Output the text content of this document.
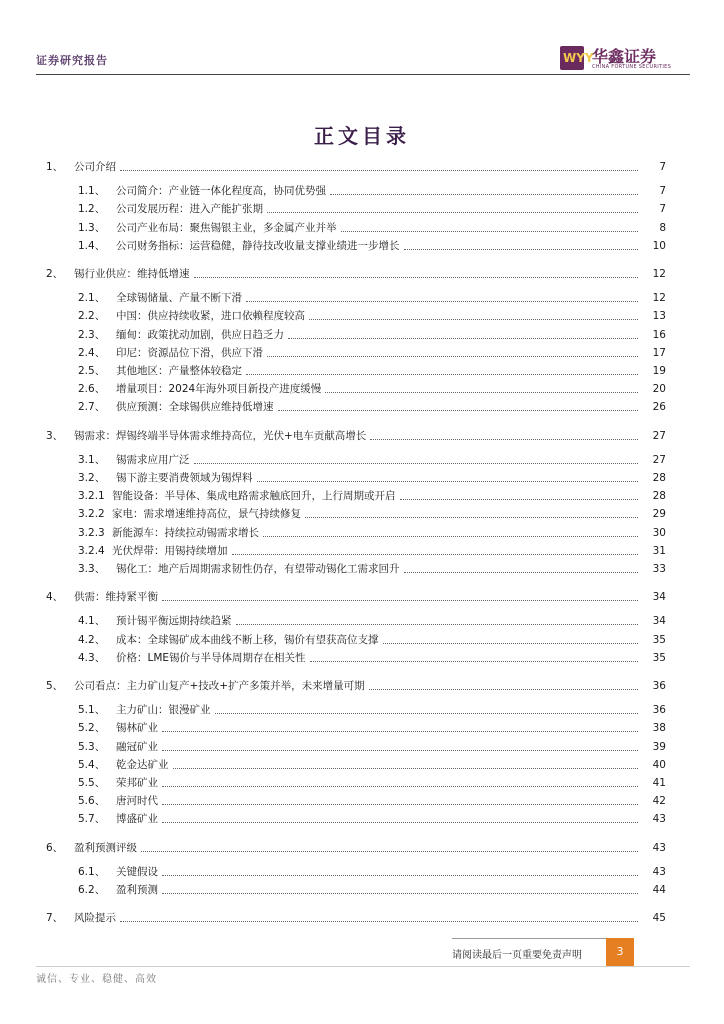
证券研究报告	WYY
华鑫证券
CHINA FORTUNE SECURITIES
正文目录
1、	公司介绍	7
1.1、	公司简介：产业链一体化程度高，协同优势强	7
1.2、	公司发展历程：进入产能扩张期	7
1.3、	公司产业布局：聚焦锡银主业，多金属产业并举	8
1.4、	公司财务指标：运营稳健，静待技改收量支撑业绩进一步增长	10
2、	锡行业供应：维持低增速	12
2.1、	全球锡储量、产量不断下滑	12
2.2、	中国：供应持续收紧，进口依赖程度较高	13
2.3、	缅甸：政策扰动加剧，供应日趋乏力	16
2.4、	印尼：资源品位下滑，供应下滑	17
2.5、	其他地区：产量整体较稳定	19
2.6、	增量项目：2024年海外项目新投产进度缓慢	20
2.7、	供应预测：全球锡供应维持低增速	26
3、	锡需求：焊锡终端半导体需求维持高位，光伏+电车贡献高增长	27
3.1、	锡需求应用广泛	27
3.2、	锡下游主要消费领域为锡焊料	28
3.2.1 智能设备：半导体、集成电路需求触底回升，上行周期或开启	28
3.2.2 家电：需求增速维持高位，景气持续修复	29
3.2.3 新能源车：持续拉动锡需求增长	30
3.2.4 光伏焊带：用锡持续增加	31
3.3、	锡化工：地产后周期需求韧性仍存，有望带动锡化工需求回升	33
4、	供需：维持紧平衡	34
4.1、	预计锡平衡远期持续趋紧	34
4.2、	成本：全球锡矿成本曲线不断上移，锡价有望获高位支撑	35
4.3、	价格：LME锡价与半导体周期存在相关性	35
5、	公司看点：主力矿山复产+技改+扩产多策并举，未来增量可期	36
5.1、	主力矿山：银漫矿业	36
5.2、	锡林矿业	38
5.3、	融冠矿业	39
5.4、	乾金达矿业	40
5.5、	荣邦矿业	41
5.6、	唐河时代	42
5.7、	博盛矿业	43
6、	盈利预测评级	43
6.1、	关键假设	43
6.2、	盈利预测	44
7、	风险提示	45
请阅读最后一页重要免责声明	3
诚信、专业、稳健、高效
